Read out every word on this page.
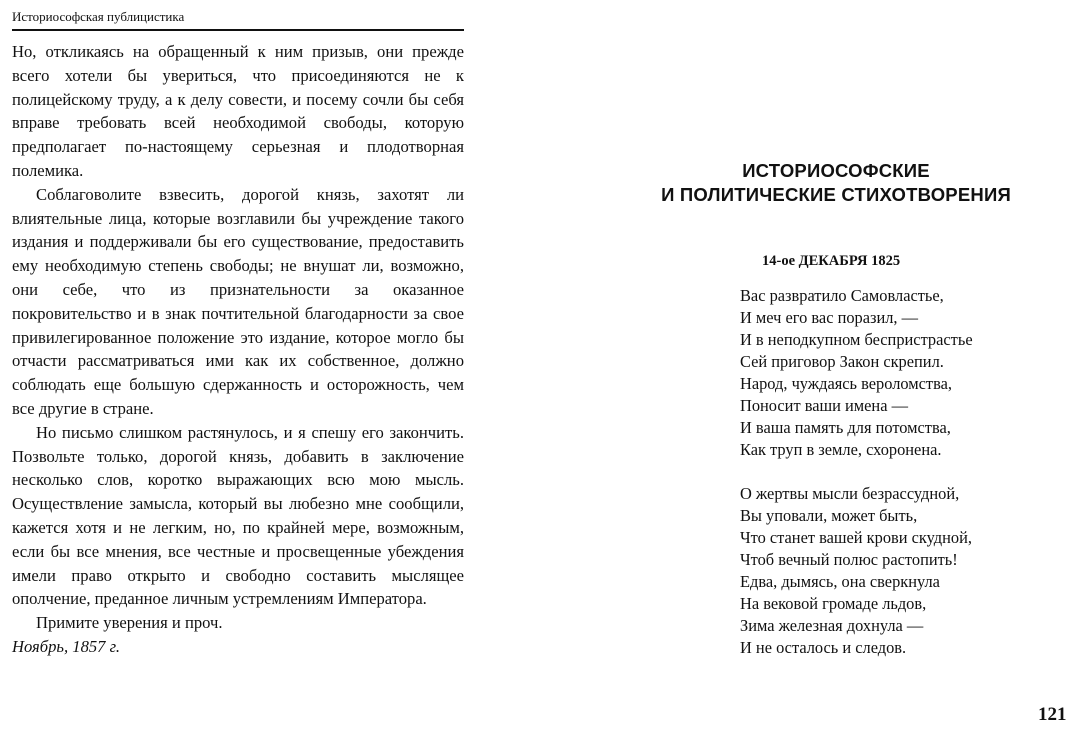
Историософская публицистика

Но, откликаясь на обращенный к ним призыв, они прежде всего хотели бы увериться, что присоединяются не к полицейскому труду, а к делу совести, и посему сочли бы себя вправе требовать всей необходимой свободы, которую предполагает по-настоящему серьезная и плодотворная полемика.

Соблаговолите взвесить, дорогой князь, захотят ли влиятельные лица, которые возглавили бы учреждение такого издания и поддерживали бы его существование, предоставить ему необходимую степень свободы; не внушат ли, возможно, они себе, что из признательности за оказанное покровительство и в знак почтительной благодарности за свое привилегированное положение это издание, которое могло бы отчасти рассматриваться ими как их собственное, должно соблюдать еще большую сдержанность и осторожность, чем все другие в стране.

Но письмо слишком растянулось, и я спешу его закончить. Позвольте только, дорогой князь, добавить в заключение несколько слов, коротко выражающих всю мою мысль. Осуществление замысла, который вы любезно мне сообщили, кажется хотя и не легким, но, по крайней мере, возможным, если бы все мнения, все честные и просвещенные убеждения имели право открыто и свободно составить мыслящее ополчение, преданное личным устремлениям Императора.

Примите уверения и проч.

Ноябрь, 1857 г.
ИСТОРИОСОФСКИЕ
И ПОЛИТИЧЕСКИЕ СТИХОТВОРЕНИЯ
14-ое ДЕКАБРЯ 1825
Вас развратило Самовластье,
И меч его вас поразил, —
И в неподкупном беспристрастье
Сей приговор Закон скрепил.
Народ, чуждаясь вероломства,
Поносит ваши имена —
И ваша память для потомства,
Как труп в земле, схоронена.
О жертвы мысли безрассудной,
Вы уповали, может быть,
Что станет вашей крови скудной,
Чтоб вечный полюс растопить!
Едва, дымясь, она сверкнула
На вековой громаде льдов,
Зима железная дохнула —
И не осталось и следов.
121
